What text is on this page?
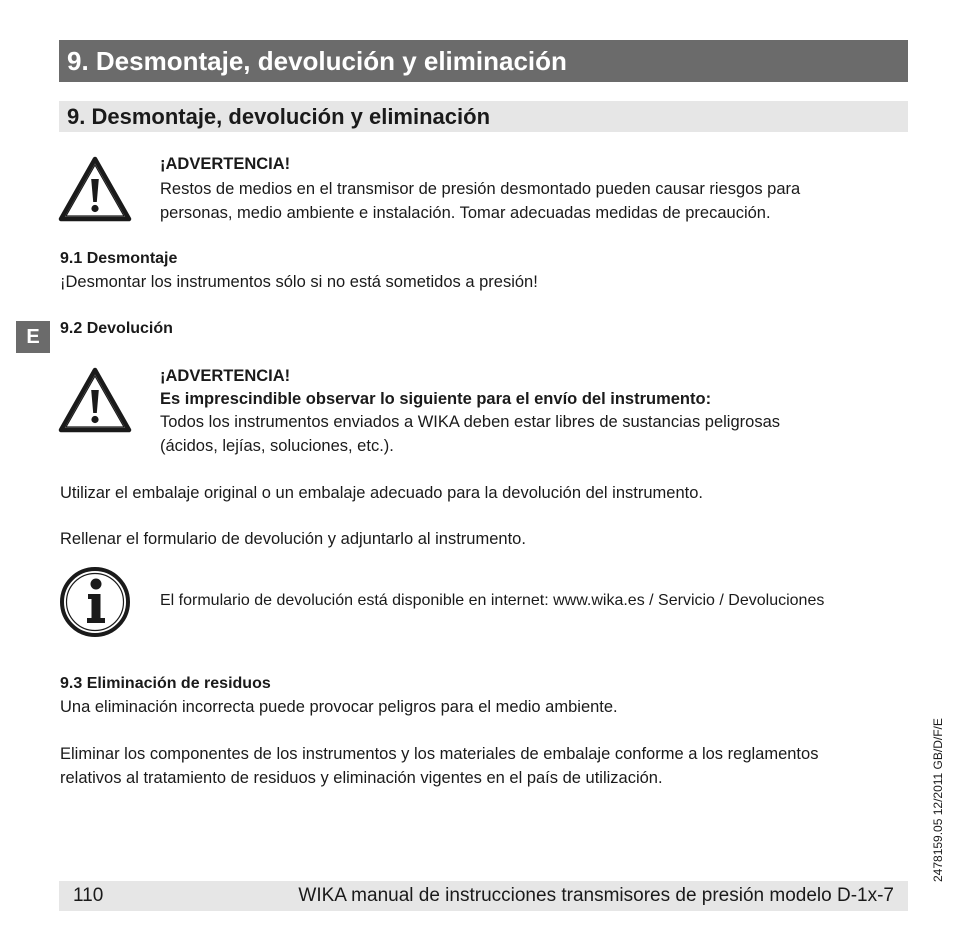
9. Desmontaje, devolución y eliminación
9. Desmontaje, devolución y eliminación
E
¡ADVERTENCIA!
Restos de medios en el transmisor de presión desmontado pueden causar riesgos para
personas, medio ambiente e instalación. Tomar adecuadas medidas de precaución.
9.1 Desmontaje
¡Desmontar los instrumentos sólo si no está sometidos a presión!
9.2 Devolución
¡ADVERTENCIA!
Es imprescindible observar lo siguiente para el envío del instrumento:
Todos los instrumentos enviados a WIKA deben estar libres de sustancias peligrosas
(ácidos, lejías, soluciones, etc.).
Utilizar el embalaje original o un embalaje adecuado para la devolución del instrumento.
Rellenar el formulario de devolución y adjuntarlo al instrumento.
El formulario de devolución está disponible en internet: www.wika.es / Servicio / Devoluciones
9.3 Eliminación de residuos
Una eliminación incorrecta puede provocar peligros para el medio ambiente.
Eliminar los componentes de los instrumentos y los materiales de embalaje conforme a los reglamentos
relativos al tratamiento de residuos y eliminación vigentes en el país de utilización.
110	WIKA manual de instrucciones transmisores de presión modelo D-1x-7
2478159.05 12/2011 GB/D/F/E
